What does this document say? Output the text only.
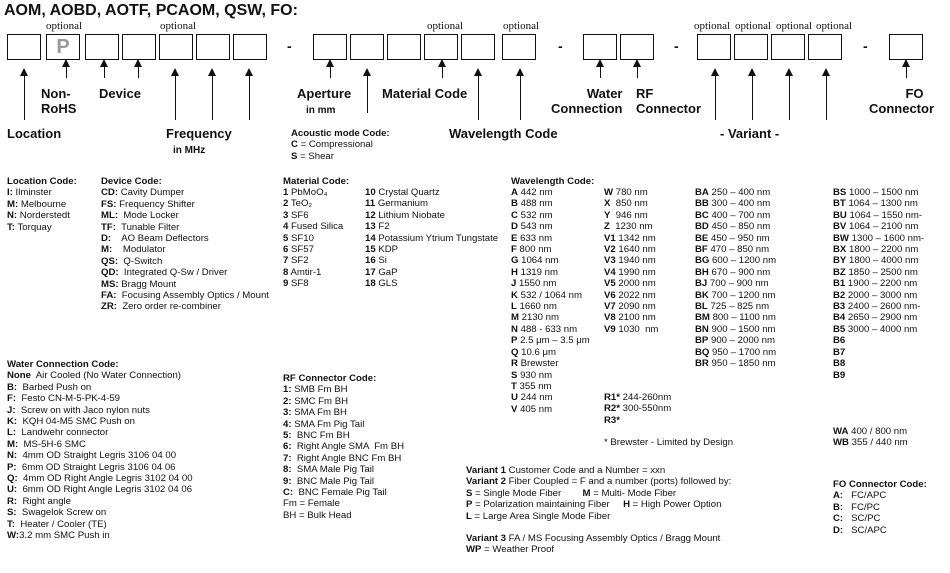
AOM, AOBD, AOTF, PCAOM, QSW, FO:
optional	optional	optional	optional	optional optional optional optional
P	-	-	-	-
Location
Non-
RoHS
Device
Frequency
in MHz
Aperture
in mm
Material Code	Water
Connection
RF
Connector
Wavelength Code	- Variant -
FO
Connector
Acoustic mode Code:
C = Compressional
S = Shear
Location Code:
I: Ilminster
M: Melbourne
N: Norderstedt
T: Torquay
Device Code:
CD: Cavity Dumper
FS: Frequency Shifter
ML:  Mode Locker
TF:  Tunable Filter
D:    AO Beam Deflectors
M:    Modulator
QS:  Q-Switch
QD:  Integrated Q-Sw / Driver
MS: Bragg Mount
FA:  Focusing Assembly Optics / Mount
ZR:  Zero order re-combiner
Material Code:
1 PbMoO₄
2 TeO₂
3 SF6
4 Fused Silica
5 SF10
6 SF57
7 SF2
8 Amtir-1
9 SF8
10 Crystal Quartz
11 Germanium
12 Lithium Niobate
13 F2
14 Potassium Ytrium Tungstate
15 KDP
16 Si
17 GaP
18 GLS
Wavelength Code:
A 442 nm
B 488 nm
C 532 nm
D 543 nm
E 633 nm
F 800 nm
G 1064 nm
H 1319 nm
J 1550 nm
K 532 / 1064 nm
L 1660 nm
M 2130 nm
N 488 - 633 nm
P 2.5 μm – 3.5 μm
Q 10.6 μm
R Brewster
S 930 nm
T 355 nm
U 244 nm
V 405 nm
W 780 nm
X  850 nm
Y  946 nm
Z  1230 nm
V1 1342 nm
V2 1640 nm
V3 1940 nm
V4 1990 nm
V5 2000 nm
V6 2022 nm
V7 2090 nm
V8 2100 nm
V9 1030  nm
R1* 244-260nm
R2* 300-550nm
R3*
* Brewster - Limited by Design
BA 250 – 400 nm
BB 300 – 400 nm
BC 400 – 700 nm
BD 450 – 850 nm
BE 450 – 950 nm
BF 470 – 850 nm
BG 600 – 1200 nm
BH 670 – 900 nm
BJ 700 – 900 nm
BK 700 – 1200 nm
BL 725 – 825 nm
BM 800 – 1100 nm
BN 900 – 1500 nm
BP 900 – 2000 nm
BQ 950 – 1700 nm
BR 950 – 1850 nm
BS 1000 – 1500 nm
BT 1064 – 1300 nm
BU 1064 – 1550 nm-
BV 1064 – 2100 nm
BW 1300 – 1600 nm-
BX 1800 – 2200 nm
BY 1800 – 4000 nm
BZ 1850 – 2500 nm
B1 1900 – 2200 nm
B2 2000 – 3000 nm
B3 2400 – 2600 nm-
B4 2650 – 2900 nm
B5 3000 – 4000 nm
B6
B7
B8
B9
WA 400 / 800 nm
WB 355 / 440 nm
Water Connection Code:
None  Air Cooled (No Water Connection)
B:  Barbed Push on
F:  Festo CN-M-5-PK-4-59
J:  Screw on with Jaco nylon nuts
K:  KQH 04-M5 SMC Push on
L:  Landwehr connector
M:  MS-5H-6 SMC
N:  4mm OD Straight Legris 3106 04 00
P:  6mm OD Straight Legris 3106 04 06
Q:  4mm OD Right Angle Legris 3102 04 00
U:  6mm OD Right Angle Legris 3102 04 06
R:  Right angle
S:  Swagelok Screw on
T:  Heater / Cooler (TE)
W:3.2 mm SMC Push in
RF Connector Code:
1: SMB Fm BH
2: SMC Fm BH
3: SMA Fm BH
4: SMA Fm Pig Tail
5:  BNC Fm BH
6:  Right Angle SMA  Fm BH
7:  Right Angle BNC Fm BH
8:  SMA Male Pig Tail
9:  BNC Male Pig Tail
C:  BNC Female Pig Tail
Fm = Female
BH = Bulk Head
Variant 1 Customer Code and a Number = xxn
Variant 2 Fiber Coupled = F and a number (ports) followed by:
S = Single Mode Fiber        M = Multi- Mode Fiber
P = Polarization maintaining Fiber     H = High Power Option
L = Large Area Single Mode Fiber
Variant 3 FA / MS Focusing Assembly Optics / Bragg Mount
WP = Weather Proof
FO Connector Code:
A:   FC/APC
B:   FC/PC
C:   SC/PC
D:   SC/APC
